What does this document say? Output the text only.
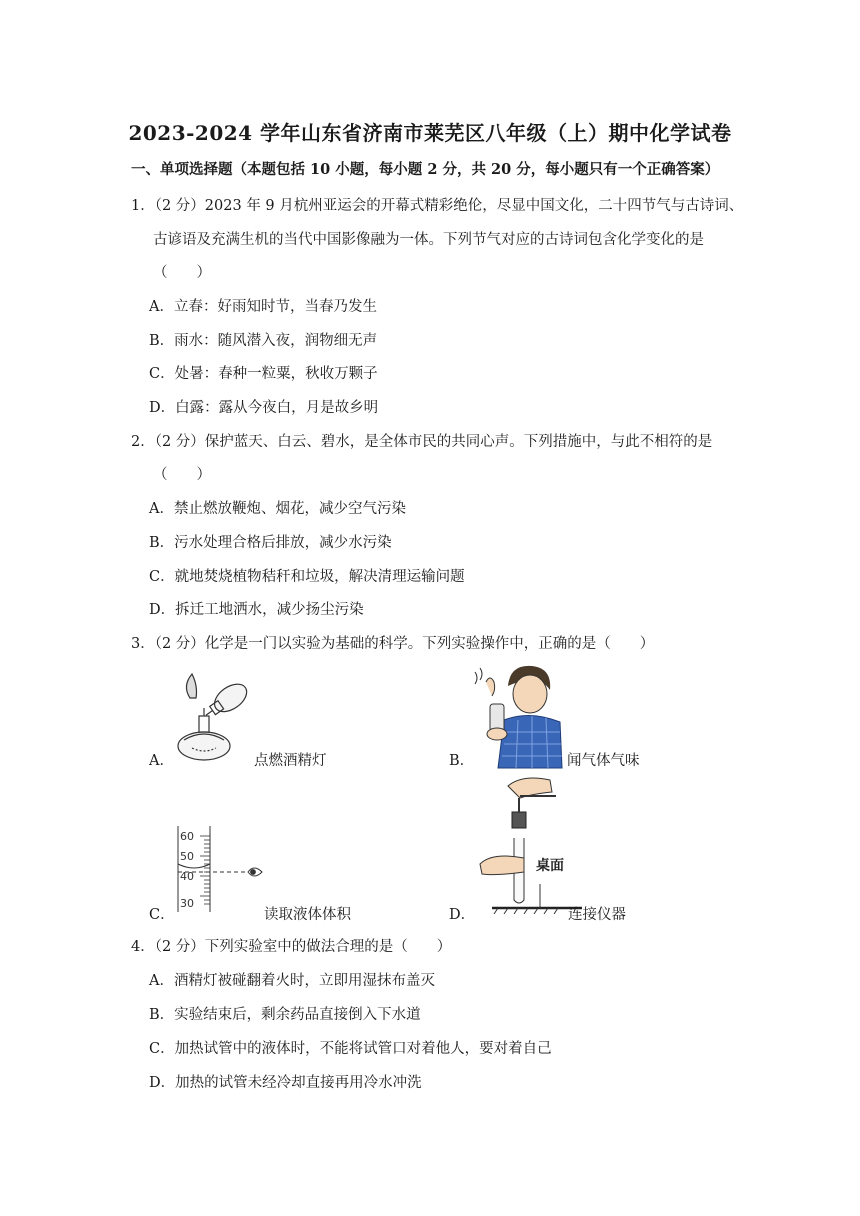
2023-2024 学年山东省济南市莱芜区八年级（上）期中化学试卷
一、单项选择题（本题包括 10 小题，每小题 2 分，共 20 分，每小题只有一个正确答案）
1．（2 分）2023 年 9 月杭州亚运会的开幕式精彩绝伦，尽显中国文化，二十四节气与古诗词、
古谚语及充满生机的当代中国影像融为一体。下列节气对应的古诗词包含化学变化的是
（　　）
A．立春：好雨知时节，当春乃发生
B．雨水：随风潜入夜，润物细无声
C．处暑：春种一粒粟，秋收万颗子
D．白露：露从今夜白，月是故乡明
2．（2 分）保护蓝天、白云、碧水，是全体市民的共同心声。下列措施中，与此不相符的是
（　　）
A．禁止燃放鞭炮、烟花，减少空气污染
B．污水处理合格后排放，减少水污染
C．就地焚烧植物秸秆和垃圾，解决清理运输问题
D．拆迁工地洒水，减少扬尘污染
3．（2 分）化学是一门以实验为基础的科学。下列实验操作中，正确的是（　　）
A．	点燃酒精灯	B．	闻气体气味
60
50
40
30
C．	读取液体体积
桌面
D．	连接仪器
4．（2 分）下列实验室中的做法合理的是（　　）
A．酒精灯被碰翻着火时，立即用湿抹布盖灭
B．实验结束后，剩余药品直接倒入下水道
C．加热试管中的液体时，不能将试管口对着他人，要对着自己
D．加热的试管未经冷却直接再用冷水冲洗
